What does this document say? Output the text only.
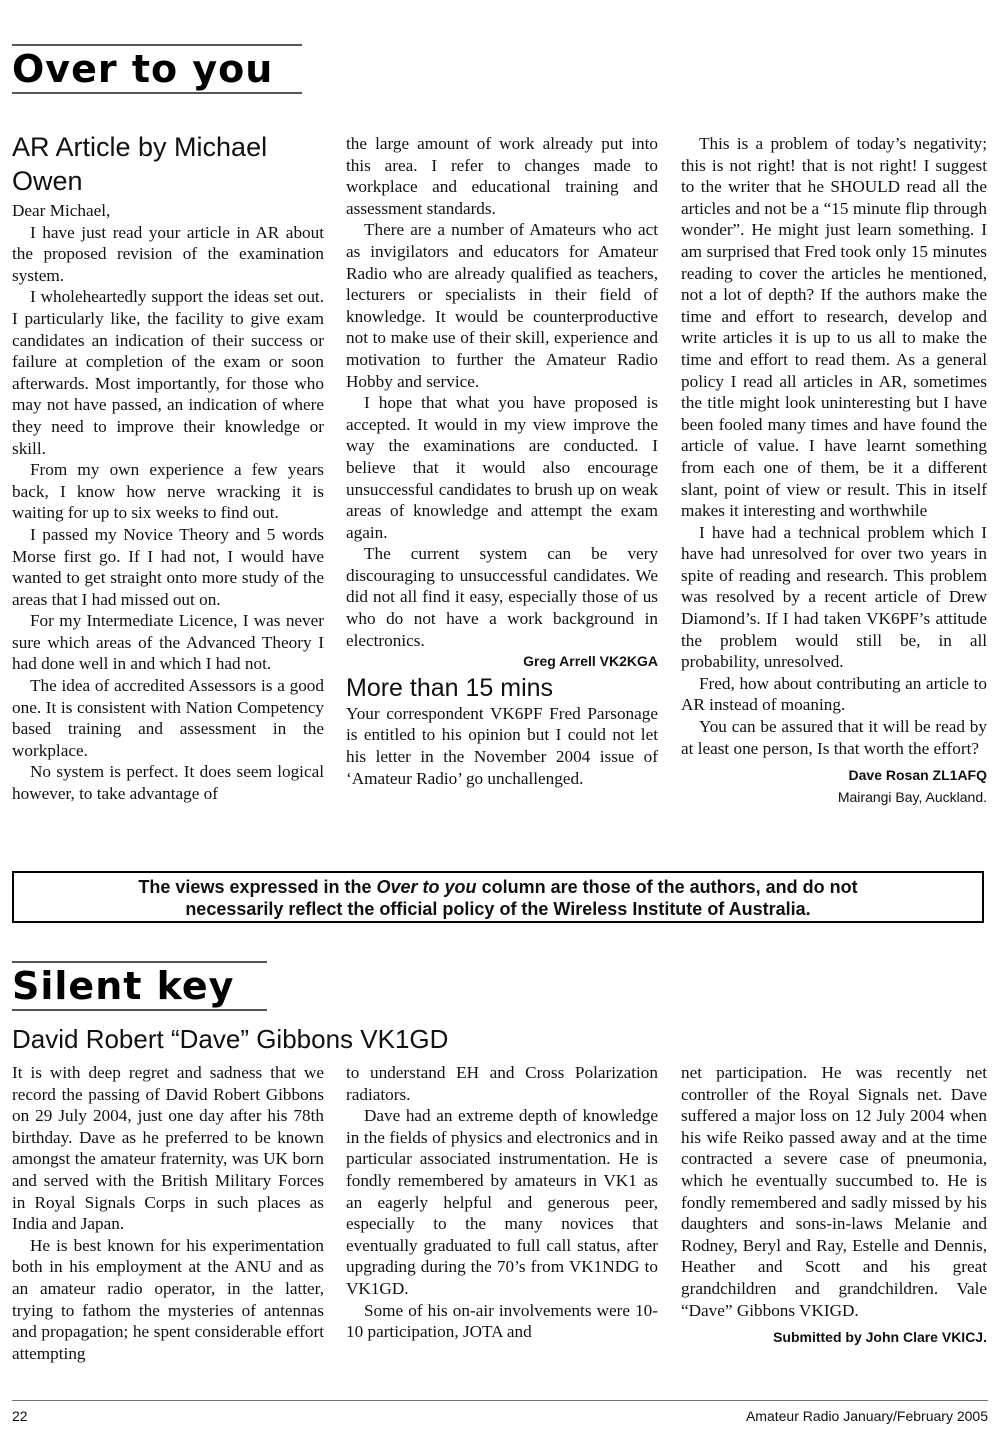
Over to you
AR Article by Michael
Owen

Dear Michael,

I have just read your article in AR about the proposed revision of the examination system.

I wholeheartedly support the ideas set out. I particularly like, the facility to give exam candidates an indication of their success or failure at completion of the exam or soon afterwards. Most importantly, for those who may not have passed, an indication of where they need to improve their knowledge or skill.

From my own experience a few years back, I know how nerve wracking it is waiting for up to six weeks to find out.

I passed my Novice Theory and 5 words Morse first go. If I had not, I would have wanted to get straight onto more study of the areas that I had missed out on.

For my Intermediate Licence, I was never sure which areas of the Advanced Theory I had done well in and which I had not.

The idea of accredited Assessors is a good one. It is consistent with Nation Competency based training and assessment in the workplace.

No system is perfect. It does seem logical however, to take advantage of

the large amount of work already put into this area. I refer to changes made to workplace and educational training and assessment standards.

There are a number of Amateurs who act as invigilators and educators for Amateur Radio who are already qualified as teachers, lecturers or specialists in their field of knowledge. It would be counterproductive not to make use of their skill, experience and motivation to further the Amateur Radio Hobby and service.

I hope that what you have proposed is accepted. It would in my view improve the way the examinations are conducted. I believe that it would also encourage unsuccessful candidates to brush up on weak areas of knowledge and attempt the exam again.

The current system can be very discouraging to unsuccessful candidates. We did not all find it easy, especially those of us who do not have a work background in electronics.

Greg Arrell VK2KGA

More than 15 mins

Your correspondent VK6PF Fred Parsonage is entitled to his opinion but I could not let his letter in the November 2004 issue of ‘Amateur Radio’ go unchallenged.

This is a problem of today’s negativity; this is not right! that is not right! I suggest to the writer that he SHOULD read all the articles and not be a “15 minute flip through wonder”. He might just learn something. I am surprised that Fred took only 15 minutes reading to cover the articles he mentioned, not a lot of depth? If the authors make the time and effort to research, develop and write articles it is up to us all to make the time and effort to read them. As a general policy I read all articles in AR, sometimes the title might look uninteresting but I have been fooled many times and have found the article of value. I have learnt something from each one of them, be it a different slant, point of view or result. This in itself makes it interesting and worthwhile

I have had a technical problem which I have had unresolved for over two years in spite of reading and research. This problem was resolved by a recent article of Drew Diamond’s. If I had taken VK6PF’s attitude the problem would still be, in all probability, unresolved.

Fred, how about contributing an article to AR instead of moaning.

You can be assured that it will be read by at least one person, Is that worth the effort?

Dave Rosan ZL1AFQ

Mairangi Bay, Auckland.

The views expressed in the Over to you column are those of the authors, and do not
necessarily reflect the official policy of the Wireless Institute of Australia.
Silent key
David Robert “Dave” Gibbons VK1GD

It is with deep regret and sadness that we record the passing of David Robert Gibbons on 29 July 2004, just one day after his 78th birthday. Dave as he preferred to be known amongst the amateur fraternity, was UK born and served with the British Military Forces in Royal Signals Corps in such places as India and Japan.

He is best known for his experimentation both in his employment at the ANU and as an amateur radio operator, in the latter, trying to fathom the mysteries of antennas and propagation; he spent considerable effort attempting

to understand EH and Cross Polarization radiators.

Dave had an extreme depth of knowledge in the fields of physics and electronics and in particular associated instrumentation. He is fondly remembered by amateurs in VK1 as an eagerly helpful and generous peer, especially to the many novices that eventually graduated to full call status, after upgrading during the 70’s from VK1NDG to VK1GD.

Some of his on-air involvements were 10-10 participation, JOTA and

net participation. He was recently net controller of the Royal Signals net. Dave suffered a major loss on 12 July 2004 when his wife Reiko passed away and at the time contracted a severe case of pneumonia, which he eventually succumbed to. He is fondly remembered and sadly missed by his daughters and sons-in-laws Melanie and Rodney, Beryl and Ray, Estelle and Dennis, Heather and Scott and his great grandchildren and grandchildren. Vale “Dave” Gibbons VKIGD.

Submitted by John Clare VKICJ.

22	Amateur Radio January/February 2005
